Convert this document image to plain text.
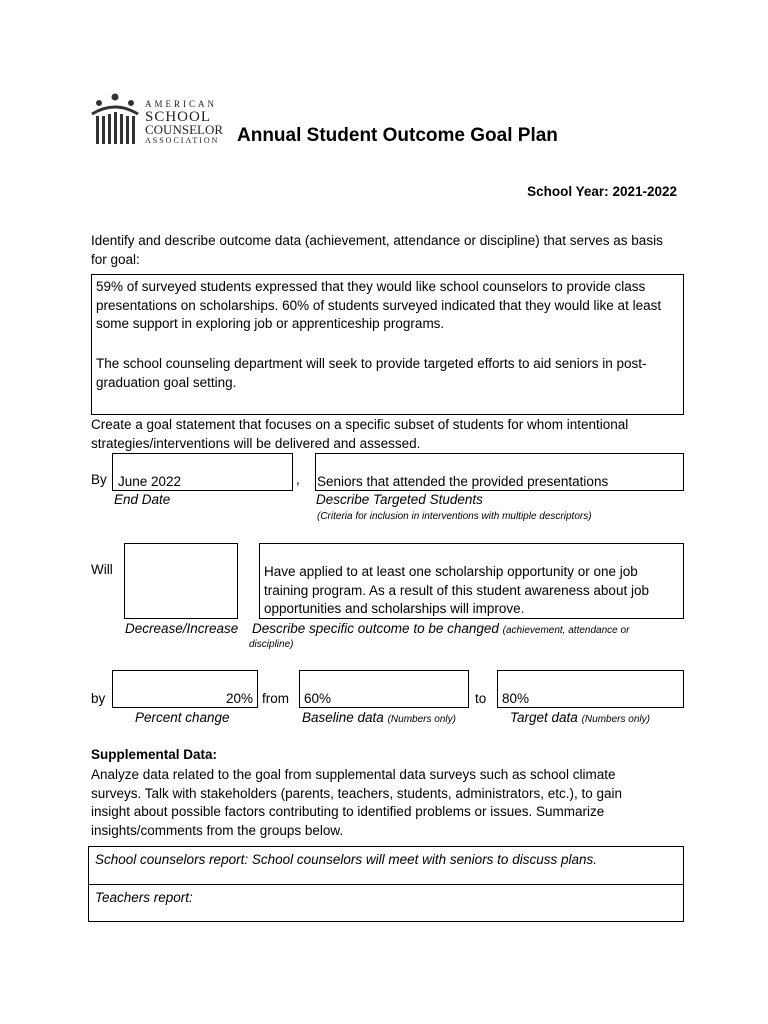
AMERICAN
SCHOOL
COUNSELOR
ASSOCIATION Annual Student Outcome Goal Plan
School Year: 2021-2022
Identify and describe outcome data (achievement, attendance or discipline) that serves as basis for goal:
59% of surveyed students expressed that they would like school counselors to provide class presentations on scholarships. 60% of students surveyed indicated that they would like at least some support in exploring job or apprenticeship programs.
The school counseling department will seek to provide targeted efforts to aid seniors in post-graduation goal setting.
Create a goal statement that focuses on a specific subset of students for whom intentional strategies/interventions will be delivered and assessed.
By June 2022	,
End Date
Seniors that attended the provided presentations
Describe Targeted Students
(Criteria for inclusion in interventions with multiple descriptors)
Will
Decrease/Increase
Have applied to at least one scholarship opportunity or one job training program. As a result of this student awareness about job opportunities and scholarships will improve.
Describe specific outcome to be changed (achievement, attendance or
discipline)
by	20%
Percent change
from 60%
Baseline data (Numbers only)
to 80%
Target data (Numbers only)
Supplemental Data:
Analyze data related to the goal from supplemental data surveys such as school climate surveys. Talk with stakeholders (parents, teachers, students, administrators, etc.), to gain insight about possible factors contributing to identified problems or issues. Summarize insights/comments from the groups below.
School counselors report: School counselors will meet with seniors to discuss plans.
Teachers report:
